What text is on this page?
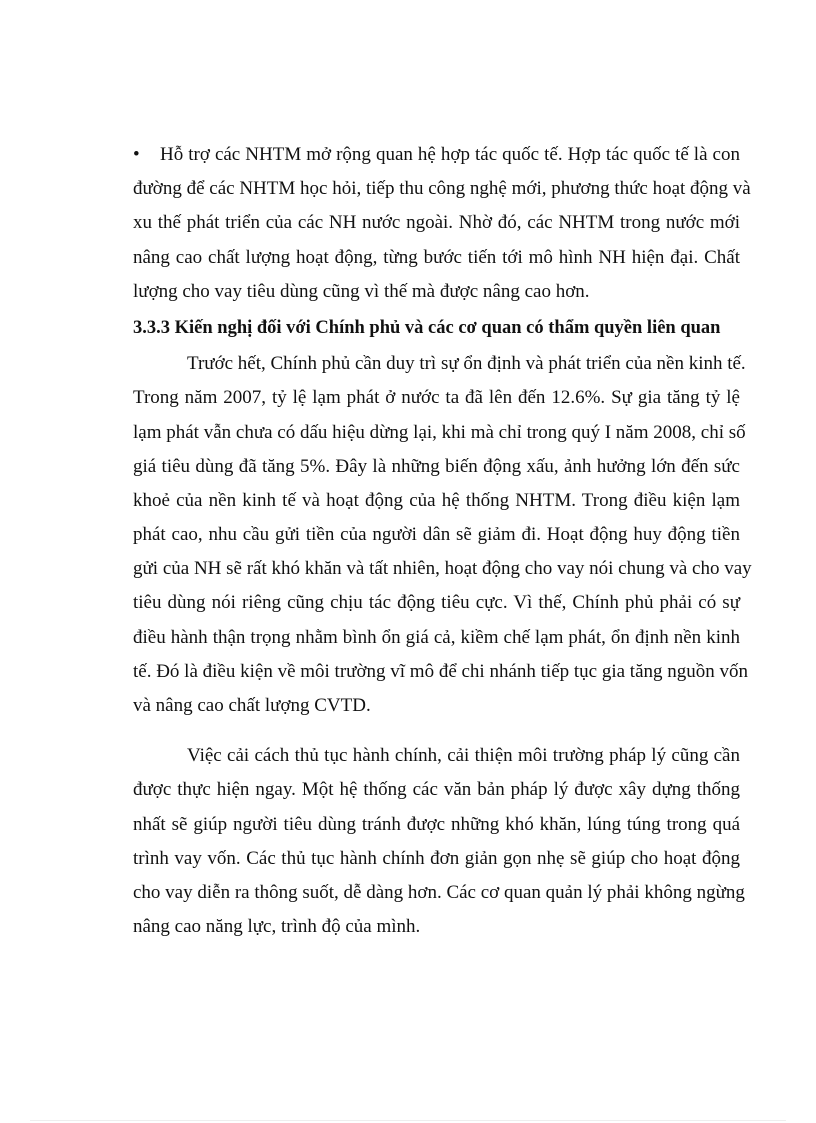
•	Hỗ trợ các NHTM mở rộng quan hệ hợp tác quốc tế. Hợp tác quốc tế là con
đường để các NHTM học hỏi, tiếp thu công nghệ mới, phương thức hoạt động và
xu thế phát triển của các NH nước ngoài. Nhờ đó, các NHTM trong nước mới
nâng cao chất lượng hoạt động, từng bước tiến tới mô hình NH hiện đại. Chất
lượng cho vay tiêu dùng cũng vì thế mà được nâng cao hơn.
3.3.3 Kiến nghị đối với Chính phủ và các cơ quan có thẩm quyền liên quan
Trước hết, Chính phủ cần duy trì sự ổn định và phát triển của nền kinh tế.
Trong năm 2007, tỷ lệ lạm phát ở nước ta đã lên đến 12.6%. Sự gia tăng tỷ lệ
lạm phát vẫn chưa có dấu hiệu dừng lại, khi mà chỉ trong quý I năm 2008, chỉ số
giá tiêu dùng đã tăng 5%. Đây là những biến động xấu, ảnh hưởng lớn đến sức
khoẻ của nền kinh tế và hoạt động của hệ thống NHTM. Trong điều kiện lạm
phát cao, nhu cầu gửi tiền của người dân sẽ giảm đi. Hoạt động huy động tiền
gửi của NH sẽ rất khó khăn và tất nhiên, hoạt động cho vay nói chung và cho vay
tiêu dùng nói riêng cũng chịu tác động tiêu cực. Vì thế, Chính phủ phải có sự
điều hành thận trọng nhằm bình ổn giá cả, kiềm chế lạm phát, ổn định nền kinh
tế. Đó là điều kiện về môi trường vĩ mô để chi nhánh tiếp tục gia tăng nguồn vốn
và nâng cao chất lượng CVTD.
Việc cải cách thủ tục hành chính, cải thiện môi trường pháp lý cũng cần
được thực hiện ngay. Một hệ thống các văn bản pháp lý được xây dựng thống
nhất sẽ giúp người tiêu dùng tránh được những khó khăn, lúng túng trong quá
trình vay vốn. Các thủ tục hành chính đơn giản gọn nhẹ sẽ giúp cho hoạt động
cho vay diễn ra thông suốt, dễ dàng hơn. Các cơ quan quản lý phải không ngừng
nâng cao năng lực, trình độ của mình.
